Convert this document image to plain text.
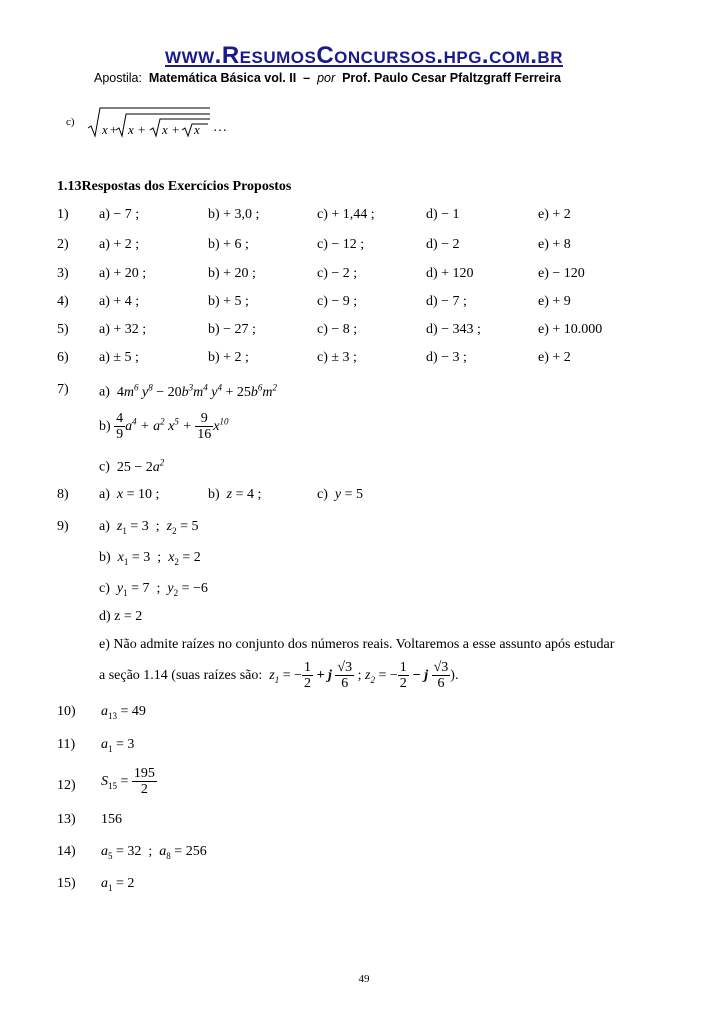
www.ResumosConcursos.hpg.com.br
Apostila: Matemática Básica vol. II – por Prof. Paulo Cesar Pfaltzgraff Ferreira
c) x + x + x + x …
1.13Respostas dos Exercícios Propostos
1) a) − 7 ;	b) + 3,0 ;	c) + 1,44 ;	d) − 1	e) + 2
2) a) + 2 ;	b) + 6 ;	c) − 12 ;	d) − 2	e) + 8
3) a) + 20 ;	b) + 20 ;	c) − 2 ;	d) + 120	e) − 120
4) a) + 4 ;	b) + 5 ;	c) − 9 ;	d) − 7 ;	e) + 9
5) a) + 32 ;	b) − 27 ;	c) − 8 ;	d) − 343 ;	e) + 10.000
6) a) ± 5 ;	b) + 2 ;	c) ± 3 ;	d) − 3 ;	e) + 2
7) a) $4m^6$ $y^8 - 20b^3m^4$ $y^4 + 25b^6m^2$
$b) \frac{4}{9} a^4 + a^2$ $x^5 + \frac{9}{16} x^{10}$
c) $25 - 2a^2$
8) a) x = 10 ;	b) z = 4 ;	c) y = 5
9) a) $z_1 = 3$  ;  $z_2 = 5$
b) $x_1 = 3$  ;  $x_2 = 2$
c) $y_1 = 7$  ;  $y_2 = -6$
d) z = 2
e) Não admite raízes no conjunto dos números reais. Voltaremos a esse assunto após estudar
a seção 1.14 (suas raízes são:  $z_1$ = − $\frac{1}{2} + j \frac{√3}{6}$ ; $z_2$ = − $\frac{1}{2} - j \frac{√3}{6}$ ).
10) $a_{13} = 49$
11) $a_1 = 3$
12) $S_{15} = \frac{195}{2}$
13) 156
14) $a_5 = 32$  ;  $a_8 = 256$
15) $a_1 = 2$
49
